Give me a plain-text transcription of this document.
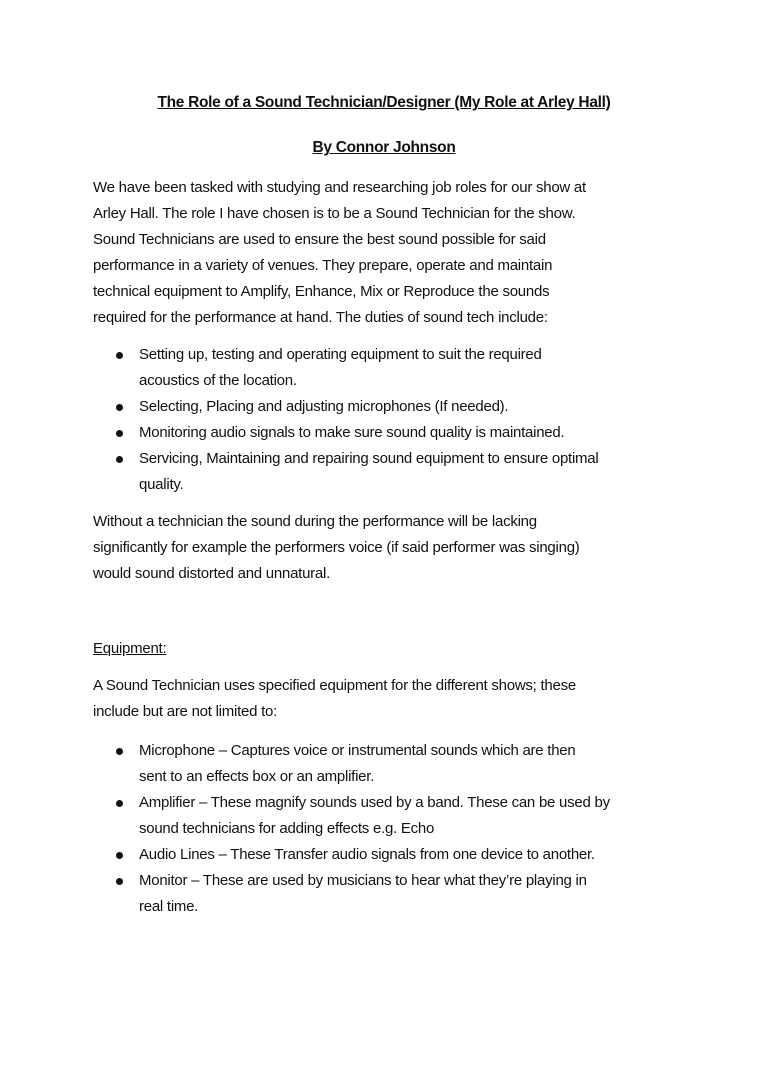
The Role of a Sound Technician/Designer (My Role at Arley Hall)
By Connor Johnson
We have been tasked with studying and researching job roles for our show at
Arley Hall. The role I have chosen is to be a Sound Technician for the show.
Sound Technicians are used to ensure the best sound possible for said
performance in a variety of venues. They prepare, operate and maintain
technical equipment to Amplify, Enhance, Mix or Reproduce the sounds
required for the performance at hand. The duties of sound tech include:
Setting up, testing and operating equipment to suit the required
acoustics of the location.
Selecting, Placing and adjusting microphones (If needed).
Monitoring audio signals to make sure sound quality is maintained.
Servicing, Maintaining and repairing sound equipment to ensure optimal
quality.
Without a technician the sound during the performance will be lacking
significantly for example the performers voice (if said performer was singing)
would sound distorted and unnatural.
Equipment:
A Sound Technician uses specified equipment for the different shows; these
include but are not limited to:
Microphone – Captures voice or instrumental sounds which are then
sent to an effects box or an amplifier.
Amplifier – These magnify sounds used by a band. These can be used by
sound technicians for adding effects e.g. Echo
Audio Lines – These Transfer audio signals from one device to another.
Monitor – These are used by musicians to hear what they’re playing in
real time.
